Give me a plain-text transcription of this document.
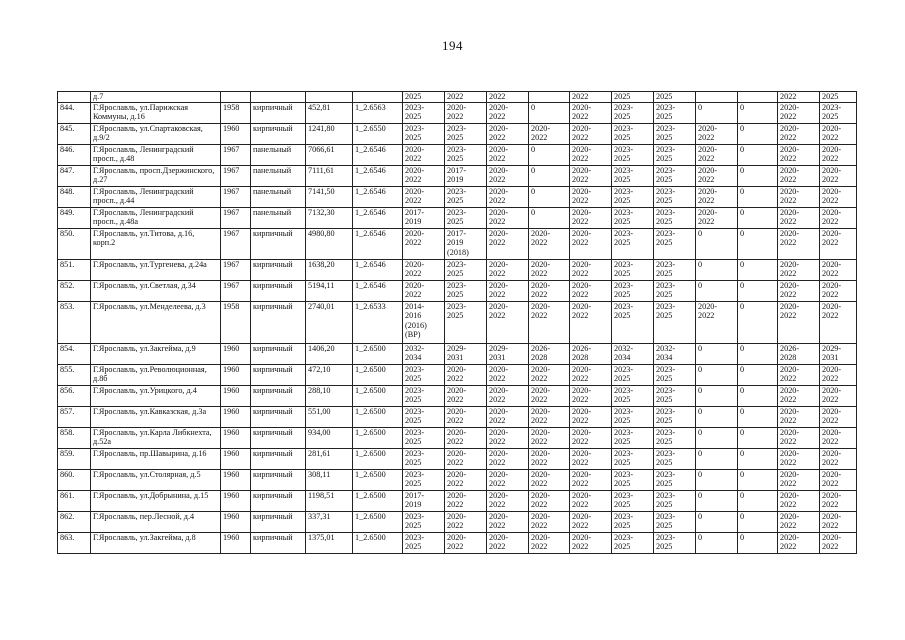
194
	д.7					2025	2022	2022		2022	2025	2025			2022	2025
844.	Г.Ярославль, ул.Парижская Коммуны, д.16	1958	кирпичный	452,81	1_2.6563	2023-
2025	2020-
2022	2020-
2022	0	2020-
2022	2023-
2025	2023-
2025	0	0	2020-
2022	2023-
2025
845.	Г.Ярославль, ул.Спартаковская, д.9/2	1960	кирпичный	1241,80	1_2.6550	2023-
2025	2023-
2025	2020-
2022	2020-
2022	2020-
2022	2023-
2025	2023-
2025	2020-
2022	0	2020-
2022	2020-
2022
846.	Г.Ярославль, Ленинградский просп., д.48	1967	панельный	7066,61	1_2.6546	2020-
2022	2023-
2025	2020-
2022	0	2020-
2022	2023-
2025	2023-
2025	2020-
2022	0	2020-
2022	2020-
2022
847.	Г.Ярославль, просп.Дзержинского, д.27	1967	панельный	7111,61	1_2.6546	2020-
2022	2017-
2019	2020-
2022	0	2020-
2022	2023-
2025	2023-
2025	2020-
2022	0	2020-
2022	2020-
2022
848.	Г.Ярославль, Ленинградский просп., д.44	1967	панельный	7141,50	1_2.6546	2020-
2022	2023-
2025	2020-
2022	0	2020-
2022	2023-
2025	2023-
2025	2020-
2022	0	2020-
2022	2020-
2022
849.	Г.Ярославль, Ленинградский просп., д.48а	1967	панельный	7132,30	1_2.6546	2017-
2019	2023-
2025	2020-
2022	0	2020-
2022	2023-
2025	2023-
2025	2020-
2022	0	2020-
2022	2020-
2022
850.	Г.Ярославль, ул.Титова, д.16, корп.2	1967	кирпичный	4980,80	1_2.6546	2020-
2022	2017-
2019
(2018)	2020-
2022	2020-
2022	2020-
2022	2023-
2025	2023-
2025	0	0	2020-
2022	2020-
2022
851.	Г.Ярославль, ул.Тургенева, д.24а	1967	кирпичный	1638,20	1_2.6546	2020-
2022	2023-
2025	2020-
2022	2020-
2022	2020-
2022	2023-
2025	2023-
2025	0	0	2020-
2022	2020-
2022
852.	Г.Ярославль, ул.Светлая, д.34	1967	кирпичный	5194,11	1_2.6546	2020-
2022	2023-
2025	2020-
2022	2020-
2022	2020-
2022	2023-
2025	2023-
2025	0	0	2020-
2022	2020-
2022
853.	Г.Ярославль, ул.Менделеева, д.3	1958	кирпичный	2740,01	1_2.6533	2014-
2016
(2016)
(ВР)	2023-
2025	2020-
2022	2020-
2022	2020-
2022	2023-
2025	2023-
2025	2020-
2022	0	2020-
2022	2020-
2022
854.	Г.Ярославль, ул.Закгейма, д.9	1960	кирпичный	1406,20	1_2.6500	2032-
2034	2029-
2031	2029-
2031	2026-
2028	2026-
2028	2032-
2034	2032-
2034	0	0	2026-
2028	2029-
2031
855.	Г.Ярославль, ул.Революционная, д.8б	1960	кирпичный	472,10	1_2.6500	2023-
2025	2020-
2022	2020-
2022	2020-
2022	2020-
2022	2023-
2025	2023-
2025	0	0	2020-
2022	2020-
2022
856.	Г.Ярославль, ул.Урицкого, д.4	1960	кирпичный	288,10	1_2.6500	2023-
2025	2020-
2022	2020-
2022	2020-
2022	2020-
2022	2023-
2025	2023-
2025	0	0	2020-
2022	2020-
2022
857.	Г.Ярославль, ул.Кавказская, д.3а	1960	кирпичный	551,00	1_2.6500	2023-
2025	2020-
2022	2020-
2022	2020-
2022	2020-
2022	2023-
2025	2023-
2025	0	0	2020-
2022	2020-
2022
858.	Г.Ярославль, ул.Карла Либкнехта, д.52а	1960	кирпичный	934,00	1_2.6500	2023-
2025	2020-
2022	2020-
2022	2020-
2022	2020-
2022	2023-
2025	2023-
2025	0	0	2020-
2022	2020-
2022
859.	Г.Ярославль, пр.Шавырина, д.16	1960	кирпичный	281,61	1_2.6500	2023-
2025	2020-
2022	2020-
2022	2020-
2022	2020-
2022	2023-
2025	2023-
2025	0	0	2020-
2022	2020-
2022
860.	Г.Ярославль, ул.Столярная, д.5	1960	кирпичный	308,11	1_2.6500	2023-
2025	2020-
2022	2020-
2022	2020-
2022	2020-
2022	2023-
2025	2023-
2025	0	0	2020-
2022	2020-
2022
861.	Г.Ярославль, ул.Добрынина, д.15	1960	кирпичный	1198,51	1_2.6500	2017-
2019	2020-
2022	2020-
2022	2020-
2022	2020-
2022	2023-
2025	2023-
2025	0	0	2020-
2022	2020-
2022
862.	Г.Ярославль, пер.Лесной, д.4	1960	кирпичный	337,31	1_2.6500	2023-
2025	2020-
2022	2020-
2022	2020-
2022	2020-
2022	2023-
2025	2023-
2025	0	0	2020-
2022	2020-
2022
863.	Г.Ярославль, ул.Закгейма, д.8	1960	кирпичный	1375,01	1_2.6500	2023-
2025	2020-
2022	2020-
2022	2020-
2022	2020-
2022	2023-
2025	2023-
2025	0	0	2020-
2022	2020-
2022
